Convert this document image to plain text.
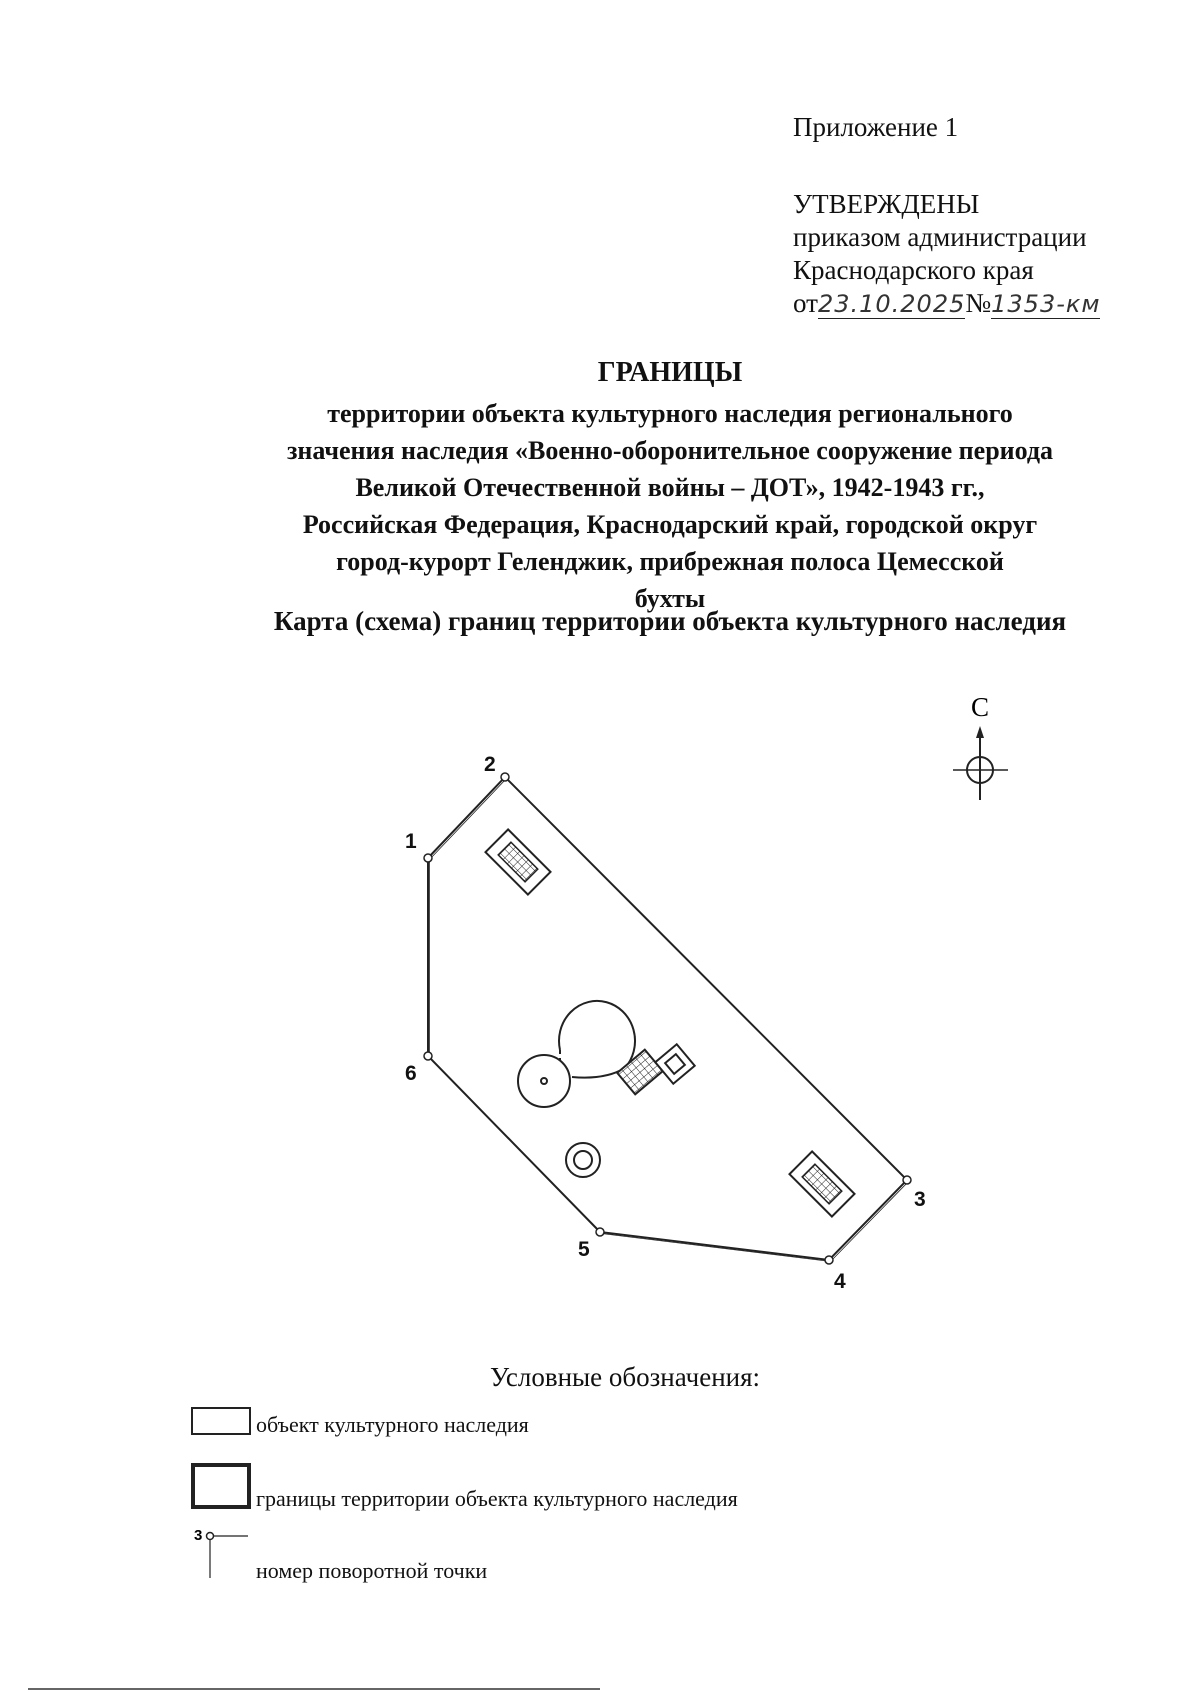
Приложение 1
УТВЕРЖДЕНЫ
приказом администрации
Краснодарского края
от23.10.2025№1353-км
ГРАНИЦЫ
территории объекта культурного наследия регионального
значения наследия «Военно-оборонительное сооружение периода
Великой Отечественной войны – ДОТ», 1942-1943 гг.,
Российская Федерация, Краснодарский край, городской округ
город-курорт Геленджик, прибрежная полоса Цемесской
бухты
Карта (схема) границ территории объекта культурного наследия
С
1
2
3
4
5
6
Условные обозначения:
объект культурного наследия
границы территории объекта культурного наследия
3
номер поворотной точки
